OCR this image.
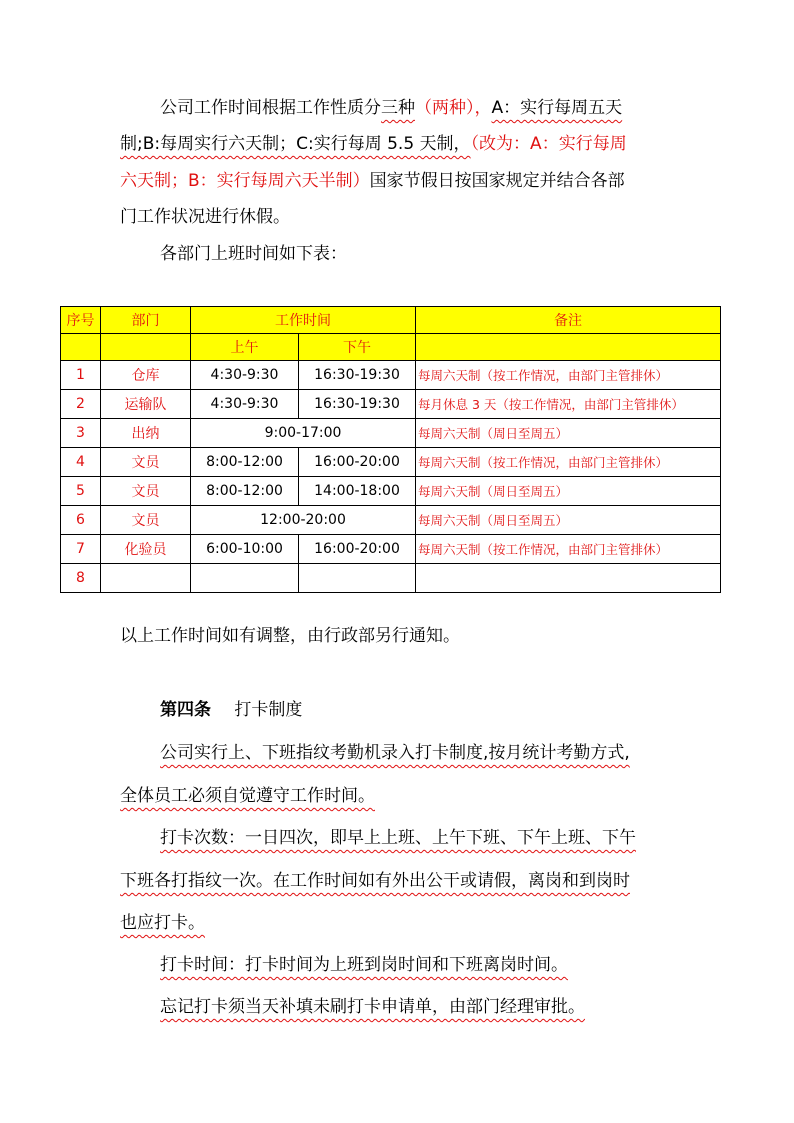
公司工作时间根据工作性质分三种（两种），A：实行每周五天
制;B:每周实行六天制；C:实行每周 5.5 天制，（改为：A：实行每周
六天制；B：实行每周六天半制）国家节假日按国家规定并结合各部
门工作状况进行休假。
各部门上班时间如下表：
序号	部门	工作时间		备注
		上午	下午	
1	仓库	4:30-9:30	16:30-19:30	每周六天制（按工作情况，由部门主管排休）
2	运输队	4:30-9:30	16:30-19:30	每月休息 3 天（按工作情况，由部门主管排休）
3	出纳	9:00-17:00		每周六天制（周日至周五）
4	文员	8:00-12:00	16:00-20:00	每周六天制（按工作情况，由部门主管排休）
5	文员	8:00-12:00	14:00-18:00	每周六天制（周日至周五）
6	文员	12:00-20:00		每周六天制（周日至周五）
7	化验员	6:00-10:00	16:00-20:00	每周六天制（按工作情况，由部门主管排休）
8				
以上工作时间如有调整，由行政部另行通知。
第四条 打卡制度
公司实行上、下班指纹考勤机录入打卡制度,按月统计考勤方式,
全体员工必须自觉遵守工作时间。
打卡次数：一日四次，即早上上班、上午下班、下午上班、下午
下班各打指纹一次。在工作时间如有外出公干或请假，离岗和到岗时
也应打卡。
打卡时间：打卡时间为上班到岗时间和下班离岗时间。
忘记打卡须当天补填未刷打卡申请单，由部门经理审批。
